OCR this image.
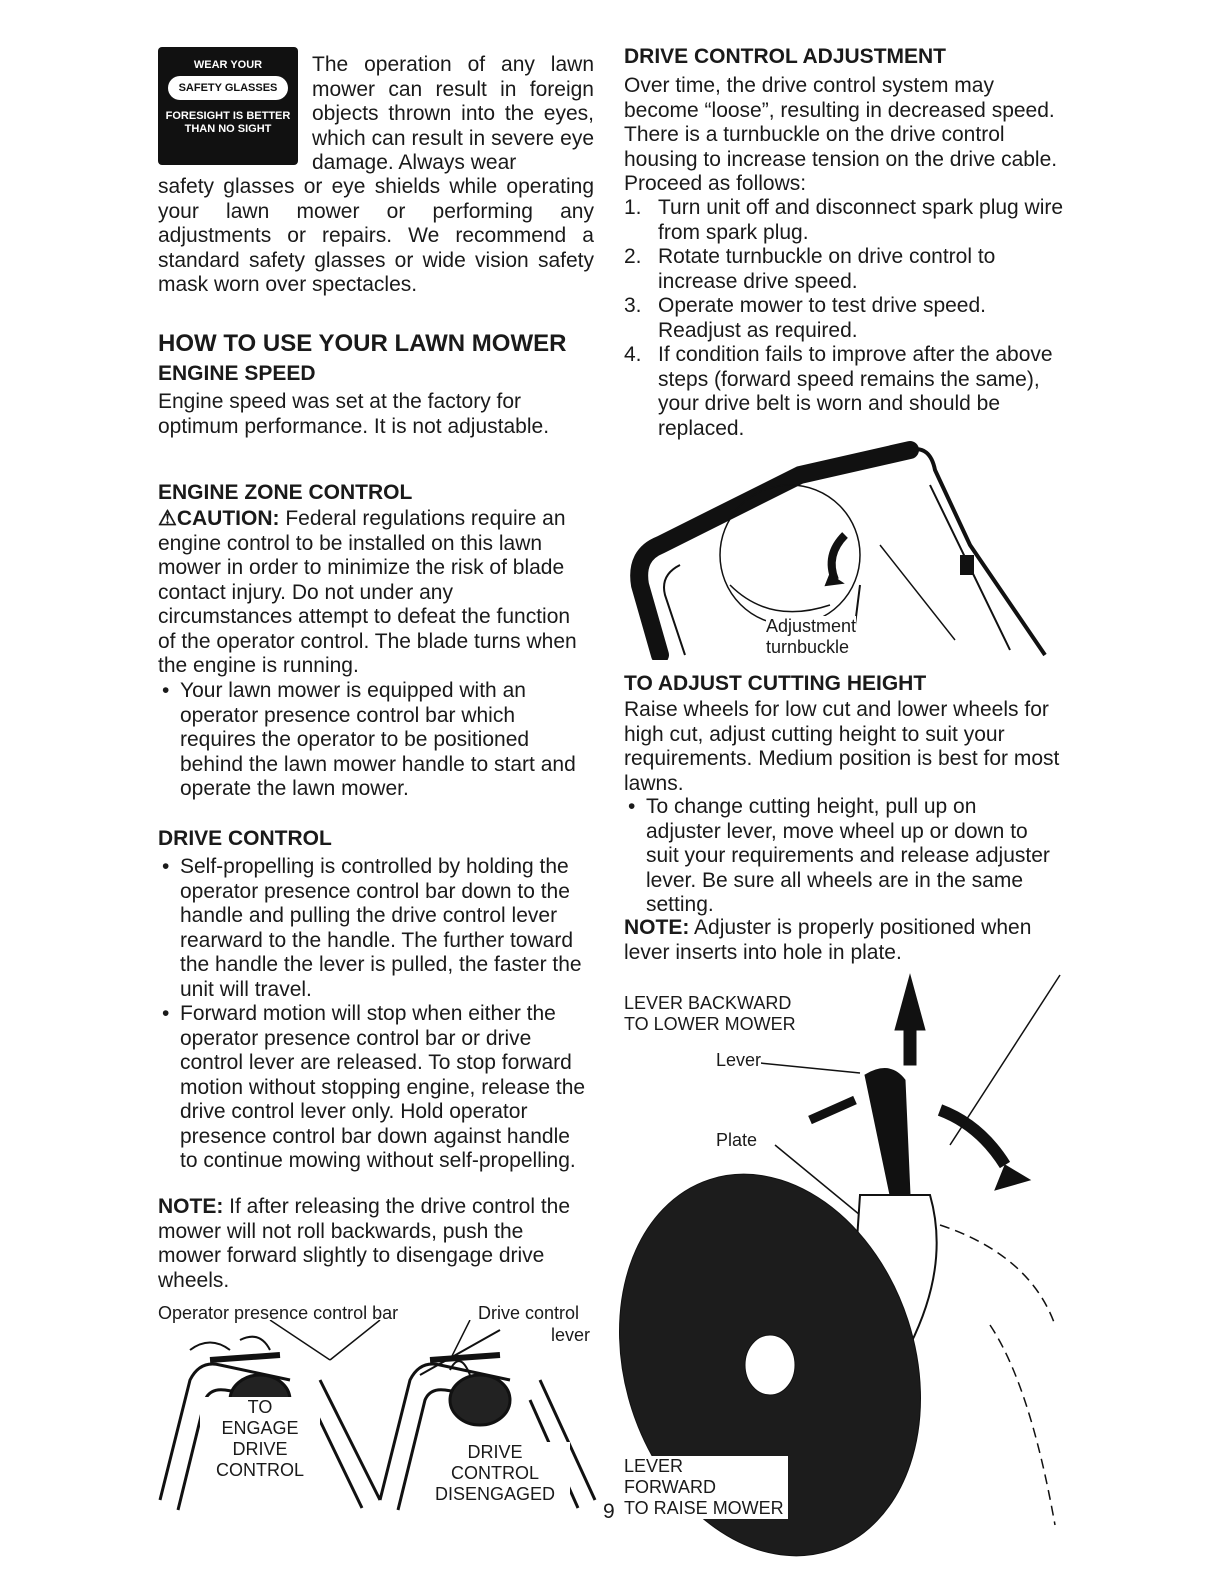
WEAR YOUR
SAFETY GLASSES
FORESIGHT IS BETTER
THAN NO SIGHT

The operation of any lawn mower can result in foreign objects thrown into the eyes, which can result in severe eye damage. Always wear

safety glasses or eye shields while operating your lawn mower or performing any adjustments or repairs. We recommend a standard safety glasses or wide vision safety mask worn over spectacles.

HOW TO USE YOUR LAWN MOWER
ENGINE SPEED

Engine speed was set at the factory for optimum performance. It is not adjustable.

ENGINE ZONE CONTROL

⚠CAUTION: Federal regulations require an engine control to be installed on this lawn mower in order to minimize the risk of blade contact injury. Do not under any circumstances attempt to defeat the function of the operator control. The blade turns when the engine is running.

• Your lawn mower is equipped with an operator presence control bar which requires the operator to be positioned behind the lawn mower handle to start and operate the lawn mower.
DRIVE CONTROL
• Self-propelling is controlled by holding the operator presence control bar down to the handle and pulling the drive control lever rearward to the handle. The further toward the handle the lever is pulled, the faster the unit will travel.
• Forward motion will stop when either the operator presence control bar or drive control lever are released. To stop forward motion without stopping engine, release the drive control lever only. Hold operator presence control bar down against handle to continue mowing without self-propelling.

NOTE: If after releasing the drive control the mower will not roll backwards, push the mower forward slightly to disengage drive wheels.

Operator presence control bar	Drive control
lever
TO
ENGAGE
DRIVE
CONTROL
DRIVE
CONTROL
DISENGAGED
DRIVE CONTROL ADJUSTMENT

Over time, the drive control system may become “loose”, resulting in decreased speed. There is a turnbuckle on the drive control housing to increase tension on the drive cable. Proceed as follows:

1. Turn unit off and disconnect spark plug wire from spark plug.
2. Rotate turnbuckle on drive control to increase drive speed.
3. Operate mower to test drive speed. Readjust as required.
4. If condition fails to improve after the above steps (forward speed remains the same), your drive belt is worn and should be replaced.
Adjustment
turnbuckle
TO ADJUST CUTTING HEIGHT

Raise wheels for low cut and lower wheels for high cut, adjust cutting height to suit your requirements. Medium position is best for most lawns.

• To change cutting height, pull up on adjuster lever, move wheel up or down to suit your requirements and release adjuster lever. Be sure all wheels are in the same setting.

NOTE: Adjuster is properly positioned when lever inserts into hole in plate.

LEVER BACKWARD
TO LOWER MOWER
Lever
Plate
LEVER
FORWARD
TO RAISE MOWER
9
